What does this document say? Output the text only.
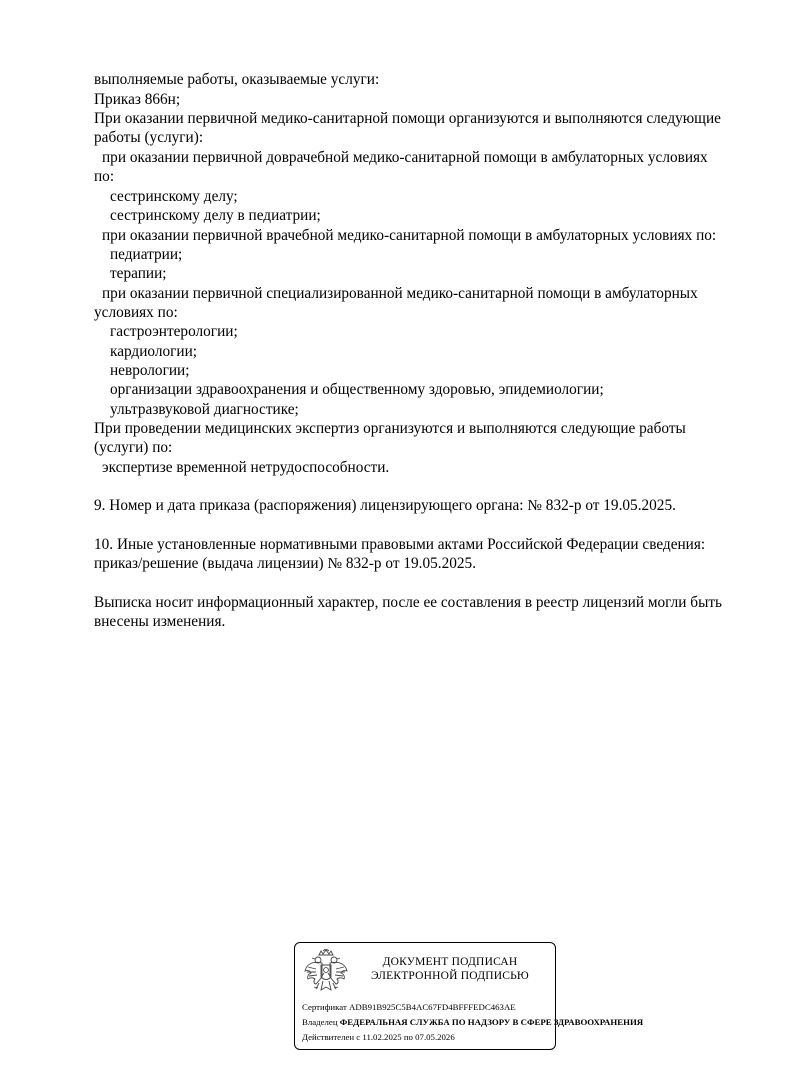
выполняемые работы, оказываемые услуги:
Приказ 866н;
При оказании первичной медико-санитарной помощи организуются и выполняются следующие
работы (услуги):
при оказании первичной доврачебной медико-санитарной помощи в амбулаторных условиях
по:
сестринскому делу;
сестринскому делу в педиатрии;
при оказании первичной врачебной медико-санитарной помощи в амбулаторных условиях по:
педиатрии;
терапии;
при оказании первичной специализированной медико-санитарной помощи в амбулаторных
условиях по:
гастроэнтерологии;
кардиологии;
неврологии;
организации здравоохранения и общественному здоровью, эпидемиологии;
ультразвуковой диагностике;
При проведении медицинских экспертиз организуются и выполняются следующие работы
(услуги) по:
экспертизе временной нетрудоспособности.
9. Номер и дата приказа (распоряжения) лицензирующего органа: № 832-р от 19.05.2025.
10. Иные установленные нормативными правовыми актами Российской Федерации сведения:
приказ/решение (выдача лицензии) № 832-р от 19.05.2025.
Выписка носит информационный характер, после ее составления в реестр лицензий могли быть
внесены изменения.
ДОКУМЕНТ ПОДПИСАН
ЭЛЕКТРОННОЙ ПОДПИСЬЮ
Сертификат ADB91B925C5B4AC67FD4BFFFEDC463AE
Владелец ФЕДЕРАЛЬНАЯ СЛУЖБА ПО НАДЗОРУ В СФЕРЕ ЗДРАВООХРАНЕНИЯ
Действителен с 11.02.2025 по 07.05.2026
